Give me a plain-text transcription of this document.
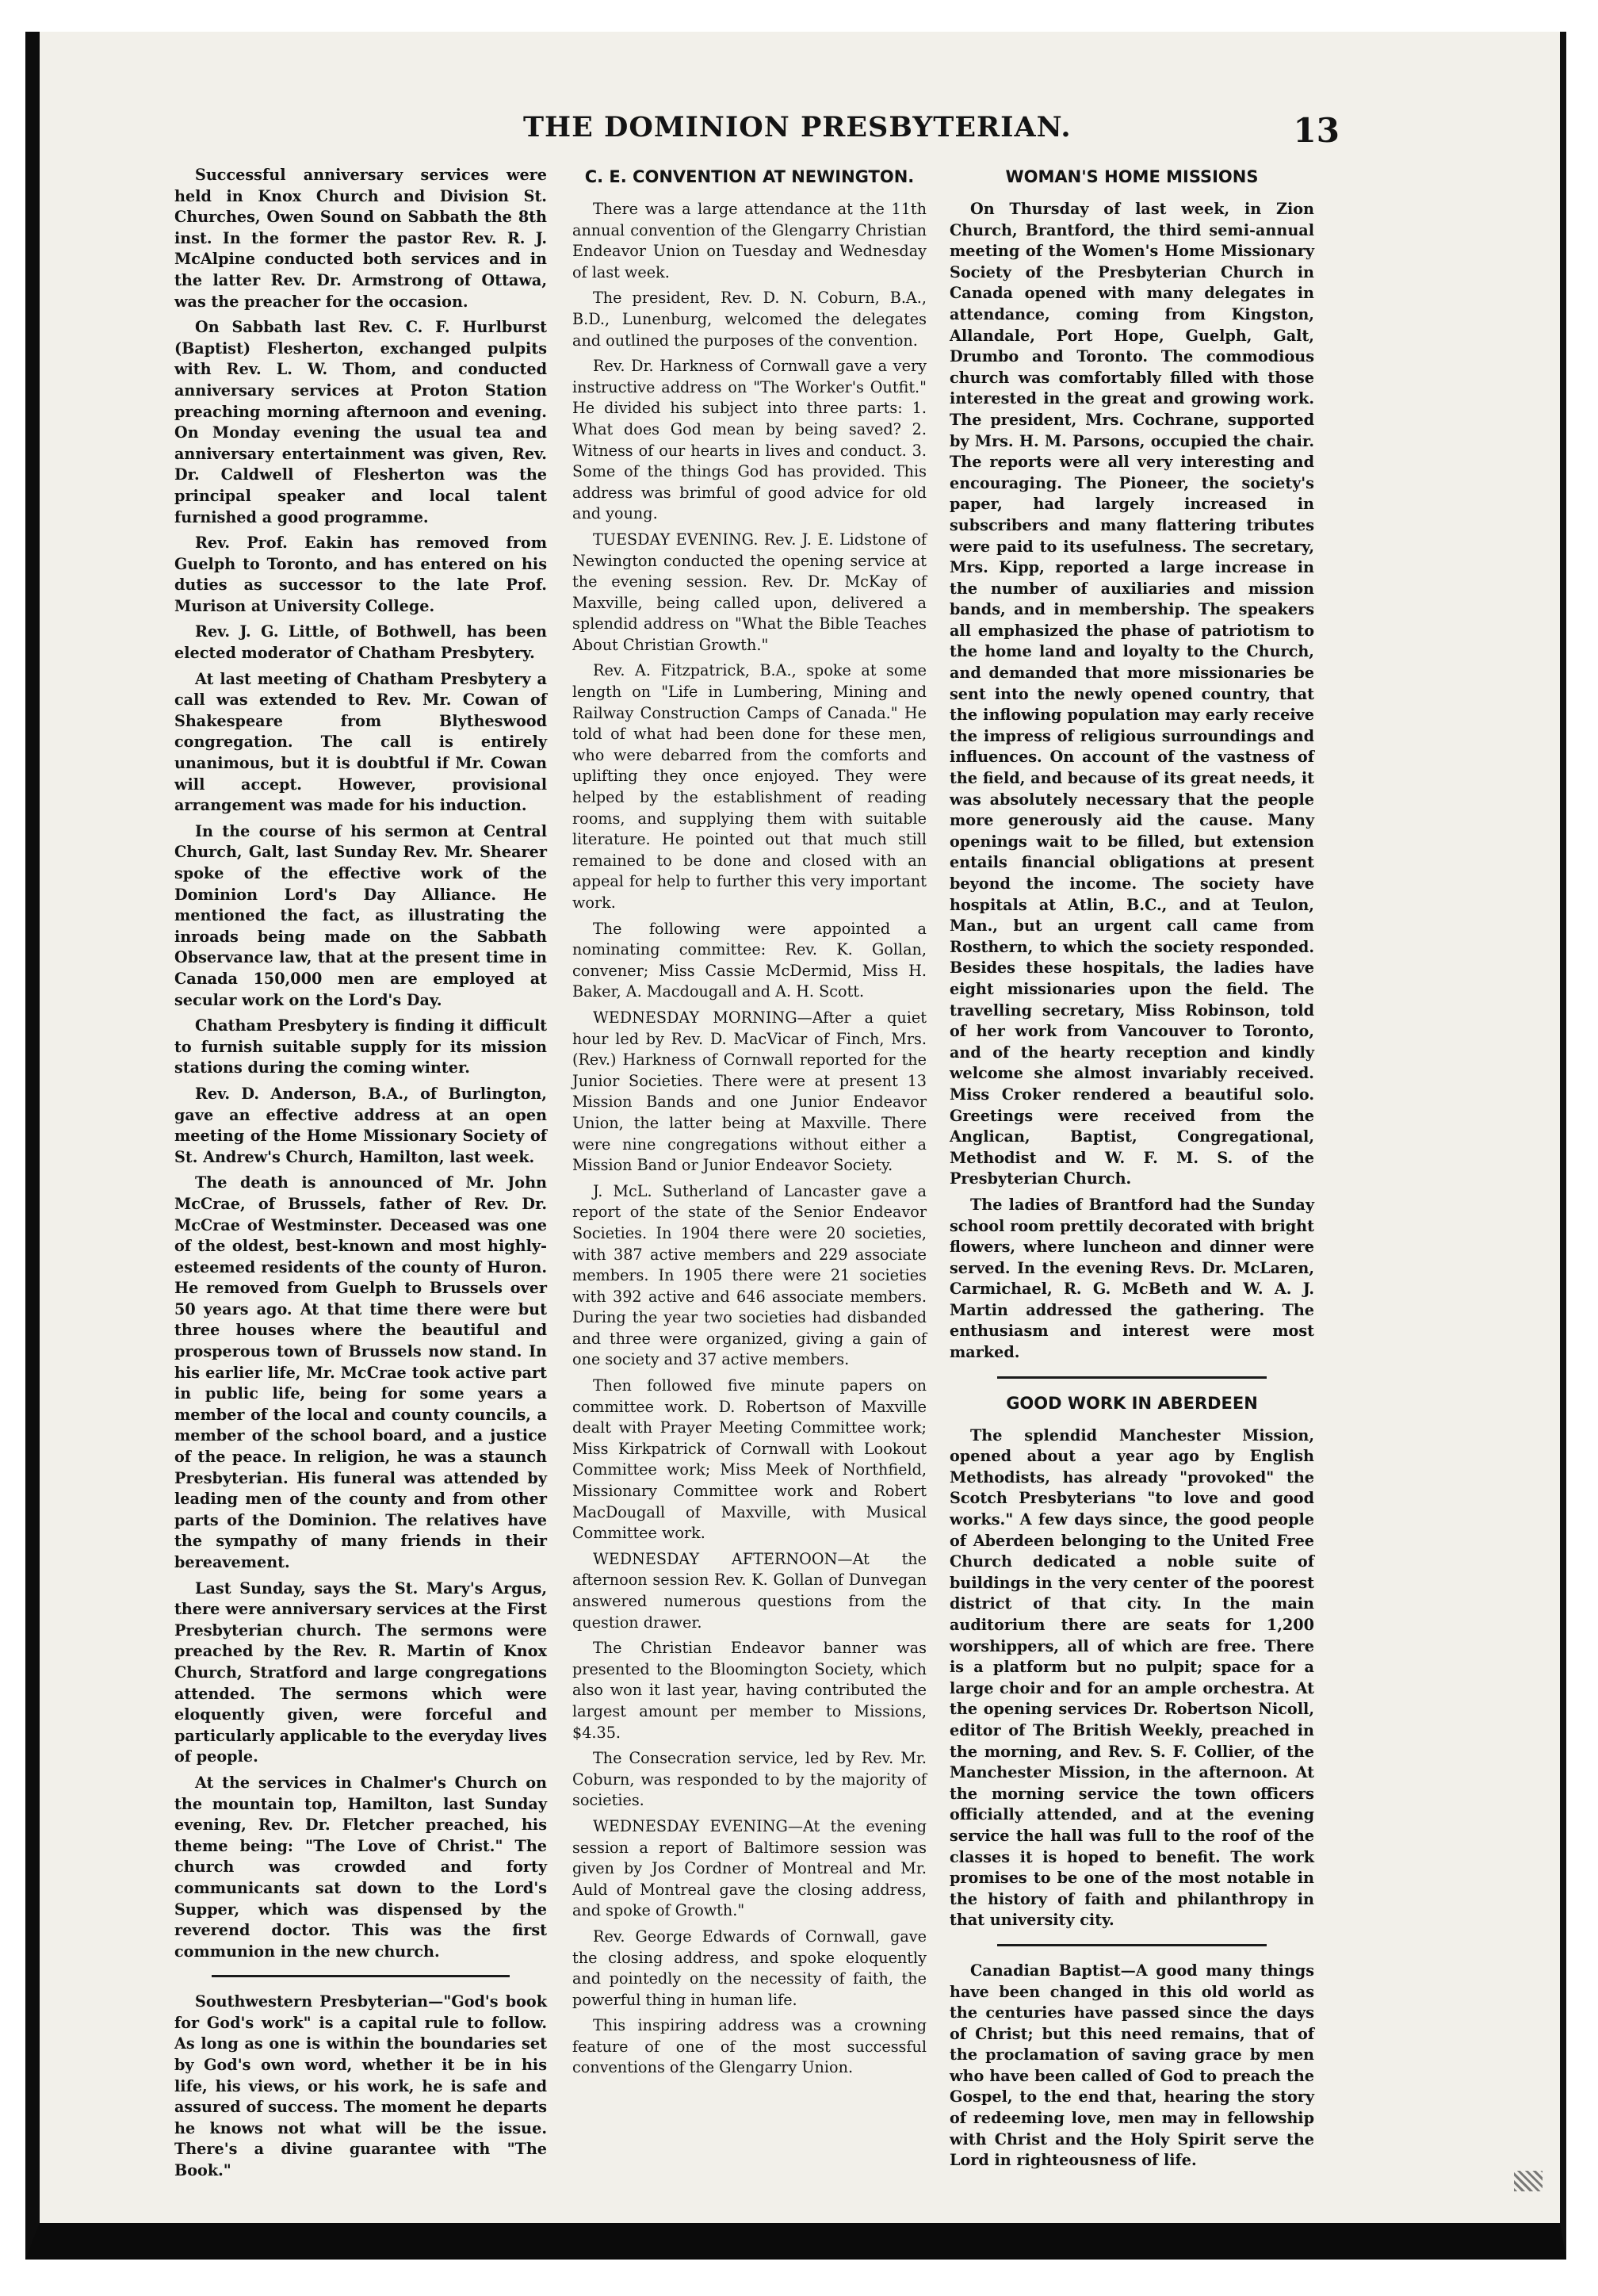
THE DOMINION PRESBYTERIAN.	13

Successful anniversary services were held in Knox Church and Division St. Churches, Owen Sound on Sabbath the 8th inst. In the former the pastor Rev. R. J. McAlpine conducted both services and in the latter Rev. Dr. Armstrong of Ottawa, was the preacher for the occasion.

On Sabbath last Rev. C. F. Hurlburst (Baptist) Flesherton, exchanged pulpits with Rev. L. W. Thom, and conducted anniversary services at Proton Station preaching morning afternoon and evening. On Monday evening the usual tea and anniversary entertainment was given, Rev. Dr. Caldwell of Flesherton was the principal speaker and local talent furnished a good programme.

Rev. Prof. Eakin has removed from Guelph to Toronto, and has entered on his duties as successor to the late Prof. Murison at University College.

Rev. J. G. Little, of Bothwell, has been elected moderator of Chatham Presbytery.

At last meeting of Chatham Presbytery a call was extended to Rev. Mr. Cowan of Shakespeare from Blytheswood congregation. The call is entirely unanimous, but it is doubtful if Mr. Cowan will accept. However, provisional arrangement was made for his induction.

In the course of his sermon at Central Church, Galt, last Sunday Rev. Mr. Shearer spoke of the effective work of the Dominion Lord's Day Alliance. He mentioned the fact, as illustrating the inroads being made on the Sabbath Observance law, that at the present time in Canada 150,000 men are employed at secular work on the Lord's Day.

Chatham Presbytery is finding it difficult to furnish suitable supply for its mission stations during the coming winter.

Rev. D. Anderson, B.A., of Burlington, gave an effective address at an open meeting of the Home Missionary Society of St. Andrew's Church, Hamilton, last week.

The death is announced of Mr. John McCrae, of Brussels, father of Rev. Dr. McCrae of Westminster. Deceased was one of the oldest, best-known and most highly-esteemed residents of the county of Huron. He removed from Guelph to Brussels over 50 years ago. At that time there were but three houses where the beautiful and prosperous town of Brussels now stand. In his earlier life, Mr. McCrae took active part in public life, being for some years a member of the local and county councils, a member of the school board, and a justice of the peace. In religion, he was a staunch Presbyterian. His funeral was attended by leading men of the county and from other parts of the Dominion. The relatives have the sympathy of many friends in their bereavement.

Last Sunday, says the St. Mary's Argus, there were anniversary services at the First Presbyterian church. The sermons were preached by the Rev. R. Martin of Knox Church, Stratford and large congregations attended. The sermons which were eloquently given, were forceful and particularly applicable to the everyday lives of people.

At the services in Chalmer's Church on the mountain top, Hamilton, last Sunday evening, Rev. Dr. Fletcher preached, his theme being: "The Love of Christ." The church was crowded and forty communicants sat down to the Lord's Supper, which was dispensed by the reverend doctor. This was the first communion in the new church.

Southwestern Presbyterian—"God's book for God's work" is a capital rule to follow. As long as one is within the boundaries set by God's own word, whether it be in his life, his views, or his work, he is safe and assured of success. The moment he departs he knows not what will be the issue. There's a divine guarantee with "The Book."

C. E. CONVENTION AT NEWINGTON.

There was a large attendance at the 11th annual convention of the Glengarry Christian Endeavor Union on Tuesday and Wednesday of last week.

The president, Rev. D. N. Coburn, B.A., B.D., Lunenburg, welcomed the delegates and outlined the purposes of the convention.

Rev. Dr. Harkness of Cornwall gave a very instructive address on "The Worker's Outfit." He divided his subject into three parts: 1. What does God mean by being saved? 2. Witness of our hearts in lives and conduct. 3. Some of the things God has provided. This address was brimful of good advice for old and young.

TUESDAY EVENING. Rev. J. E. Lidstone of Newington conducted the opening service at the evening session. Rev. Dr. McKay of Maxville, being called upon, delivered a splendid address on "What the Bible Teaches About Christian Growth."

Rev. A. Fitzpatrick, B.A., spoke at some length on "Life in Lumbering, Mining and Railway Construction Camps of Canada." He told of what had been done for these men, who were debarred from the comforts and uplifting they once enjoyed. They were helped by the establishment of reading rooms, and supplying them with suitable literature. He pointed out that much still remained to be done and closed with an appeal for help to further this very important work.

The following were appointed a nominating committee: Rev. K. Gollan, convener; Miss Cassie McDermid, Miss H. Baker, A. Macdougall and A. H. Scott.

WEDNESDAY MORNING—After a quiet hour led by Rev. D. MacVicar of Finch, Mrs. (Rev.) Harkness of Cornwall reported for the Junior Societies. There were at present 13 Mission Bands and one Junior Endeavor Union, the latter being at Maxville. There were nine congregations without either a Mission Band or Junior Endeavor Society.

J. McL. Sutherland of Lancaster gave a report of the state of the Senior Endeavor Societies. In 1904 there were 20 societies, with 387 active members and 229 associate members. In 1905 there were 21 societies with 392 active and 646 associate members. During the year two societies had disbanded and three were organized, giving a gain of one society and 37 active members.

Then followed five minute papers on committee work. D. Robertson of Maxville dealt with Prayer Meeting Committee work; Miss Kirkpatrick of Cornwall with Lookout Committee work; Miss Meek of Northfield, Missionary Committee work and Robert MacDougall of Maxville, with Musical Committee work.

WEDNESDAY AFTERNOON—At the afternoon session Rev. K. Gollan of Dunvegan answered numerous questions from the question drawer.

The Christian Endeavor banner was presented to the Bloomington Society, which also won it last year, having contributed the largest amount per member to Missions, $4.35.

The Consecration service, led by Rev. Mr. Coburn, was responded to by the majority of societies.

WEDNESDAY EVENING—At the evening session a report of Baltimore session was given by Jos Cordner of Montreal and Mr. Auld of Montreal gave the closing address, and spoke of Growth."

Rev. George Edwards of Cornwall, gave the closing address, and spoke eloquently and pointedly on the necessity of faith, the powerful thing in human life.

This inspiring address was a crowning feature of one of the most successful conventions of the Glengarry Union.

WOMAN'S HOME MISSIONS

On Thursday of last week, in Zion Church, Brantford, the third semi-annual meeting of the Women's Home Missionary Society of the Presbyterian Church in Canada opened with many delegates in attendance, coming from Kingston, Allandale, Port Hope, Guelph, Galt, Drumbo and Toronto. The commodious church was comfortably filled with those interested in the great and growing work. The president, Mrs. Cochrane, supported by Mrs. H. M. Parsons, occupied the chair. The reports were all very interesting and encouraging. The Pioneer, the society's paper, had largely increased in subscribers and many flattering tributes were paid to its usefulness. The secretary, Mrs. Kipp, reported a large increase in the number of auxiliaries and mission bands, and in membership. The speakers all emphasized the phase of patriotism to the home land and loyalty to the Church, and demanded that more missionaries be sent into the newly opened country, that the inflowing population may early receive the impress of religious surroundings and influences. On account of the vastness of the field, and because of its great needs, it was absolutely necessary that the people more generously aid the cause. Many openings wait to be filled, but extension entails financial obligations at present beyond the income. The society have hospitals at Atlin, B.C., and at Teulon, Man., but an urgent call came from Rosthern, to which the society responded. Besides these hospitals, the ladies have eight missionaries upon the field. The travelling secretary, Miss Robinson, told of her work from Vancouver to Toronto, and of the hearty reception and kindly welcome she almost invariably received. Miss Croker rendered a beautiful solo. Greetings were received from the Anglican, Baptist, Congregational, Methodist and W. F. M. S. of the Presbyterian Church.

The ladies of Brantford had the Sunday school room prettily decorated with bright flowers, where luncheon and dinner were served. In the evening Revs. Dr. McLaren, Carmichael, R. G. McBeth and W. A. J. Martin addressed the gathering. The enthusiasm and interest were most marked.

GOOD WORK IN ABERDEEN

The splendid Manchester Mission, opened about a year ago by English Methodists, has already "provoked" the Scotch Presbyterians "to love and good works." A few days since, the good people of Aberdeen belonging to the United Free Church dedicated a noble suite of buildings in the very center of the poorest district of that city. In the main auditorium there are seats for 1,200 worshippers, all of which are free. There is a platform but no pulpit; space for a large choir and for an ample orchestra. At the opening services Dr. Robertson Nicoll, editor of The British Weekly, preached in the morning, and Rev. S. F. Collier, of the Manchester Mission, in the afternoon. At the morning service the town officers officially attended, and at the evening service the hall was full to the roof of the classes it is hoped to benefit. The work promises to be one of the most notable in the history of faith and philanthropy in that university city.

Canadian Baptist—A good many things have been changed in this old world as the centuries have passed since the days of Christ; but this need remains, that of the proclamation of saving grace by men who have been called of God to preach the Gospel, to the end that, hearing the story of redeeming love, men may in fellowship with Christ and the Holy Spirit serve the Lord in righteousness of life.
